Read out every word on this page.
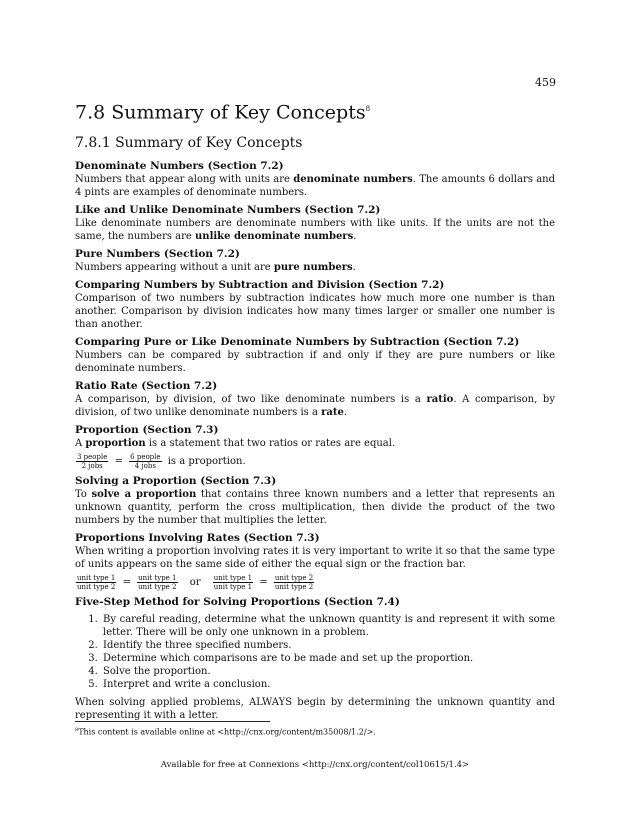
459
7.8 Summary of Key Concepts$^8$
7.8.1 Summary of Key Concepts
Denominate Numbers (Section 7.2)

Numbers that appear along with units are denominate numbers. The amounts 6 dollars and 4 pints are examples of denominate numbers.

Like and Unlike Denominate Numbers (Section 7.2)

Like denominate numbers are denominate numbers with like units. If the units are not the same, the numbers are unlike denominate numbers.

Pure Numbers (Section 7.2)

Numbers appearing without a unit are pure numbers.

Comparing Numbers by Subtraction and Division (Section 7.2)

Comparison of two numbers by subtraction indicates how much more one number is than another. Comparison by division indicates how many times larger or smaller one number is than another.

Comparing Pure or Like Denominate Numbers by Subtraction (Section 7.2)

Numbers can be compared by subtraction if and only if they are pure numbers or like denominate numbers.

Ratio Rate (Section 7.2)

A comparison, by division, of two like denominate numbers is a ratio. A comparison, by division, of two unlike denominate numbers is a rate.

Proportion (Section 7.3)

A proportion is a statement that two ratios or rates are equal.

$\frac{\text{3 people}}{\text{2 jobs}} = \frac{\text{6 people}}{\text{4 jobs}}$ is a proportion.
Solving a Proportion (Section 7.3)

To solve a proportion that contains three known numbers and a letter that represents an unknown quantity, perform the cross multiplication, then divide the product of the two numbers by the number that multiplies the letter.

Proportions Involving Rates (Section 7.3)

When writing a proportion involving rates it is very important to write it so that the same type of units appears on the same side of either the equal sign or the fraction bar.

$\frac{\text{unit type 1}}{\text{unit type 2}} = \frac{\text{unit type 1}}{\text{unit type 2}}$ or $\frac{\text{unit type 1}}{\text{unit type 1}} = \frac{\text{unit type 2}}{\text{unit type 2}}$
Five-Step Method for Solving Proportions (Section 7.4)
1. By careful reading, determine what the unknown quantity is and represent it with some letter. There will be only one unknown in a problem.
2. Identify the three specified numbers.
3. Determine which comparisons are to be made and set up the proportion.
4. Solve the proportion.
5. Interpret and write a conclusion.

When solving applied problems, ALWAYS begin by determining the unknown quantity and representing it with a letter.

$^8$This content is available online at <http://cnx.org/content/m35008/1.2/>.
Available for free at Connexions <http://cnx.org/content/col10615/1.4>
